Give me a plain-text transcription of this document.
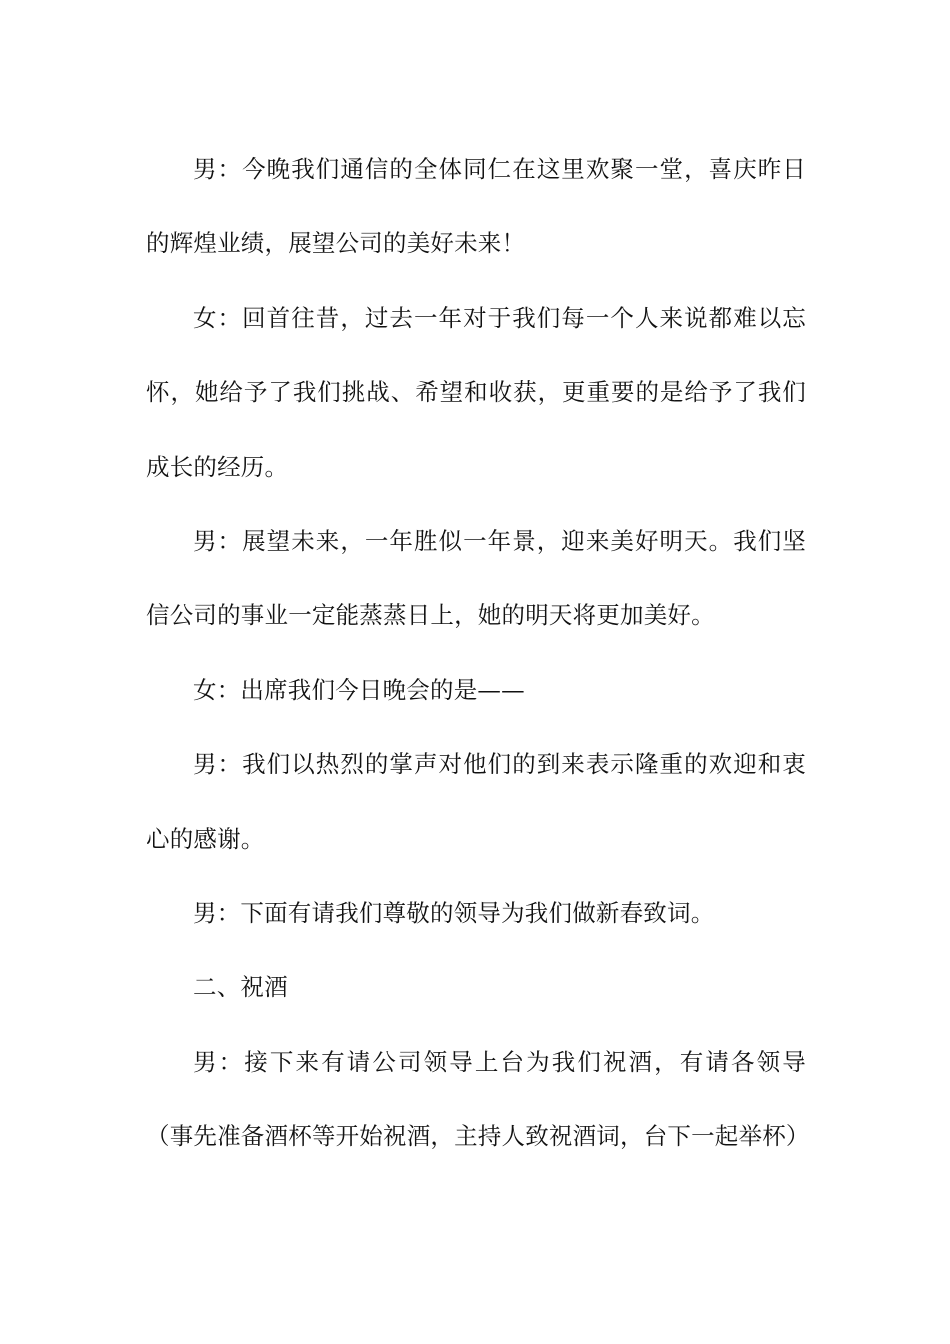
男：今晚我们通信的全体同仁在这里欢聚一堂，喜庆昨日的辉煌业绩，展望公司的美好未来！

女：回首往昔，过去一年对于我们每一个人来说都难以忘怀，她给予了我们挑战、希望和收获，更重要的是给予了我们成长的经历。

男：展望未来，一年胜似一年景，迎来美好明天。我们坚信公司的事业一定能蒸蒸日上，她的明天将更加美好。

女：出席我们今日晚会的是——

男：我们以热烈的掌声对他们的到来表示隆重的欢迎和衷心的感谢。

男：下面有请我们尊敬的领导为我们做新春致词。

二、祝酒

男：接下来有请公司领导上台为我们祝酒，有请各领导（事先准备酒杯等开始祝酒，主持人致祝酒词，台下一起举杯）
